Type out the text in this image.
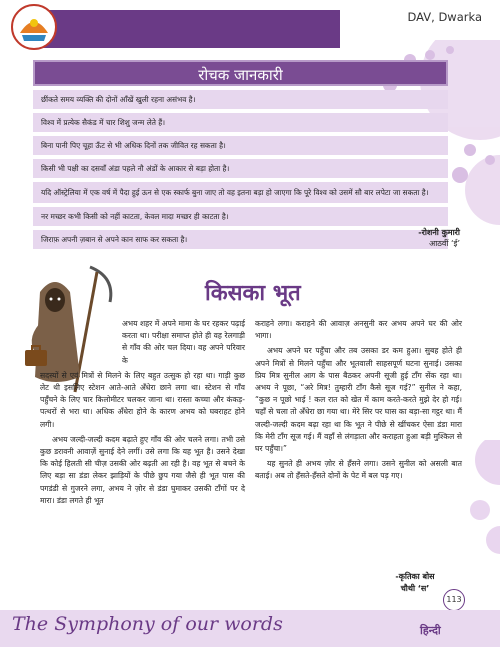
DAV, Dwarka
रोचक जानकारी
छींकते समय व्यक्ति की दोनों आँखें खुली रहना असंभव है।
विश्व में प्रत्येक सैकंड में चार शिशु जन्म लेते हैं।
बिना पानी पिए चूहा ऊँट से भी अधिक दिनों तक जीवित रह सकता है।
किसी भी पक्षी का दसवाँ अंडा पहले नौ अंडों के आकार से बड़ा होता है।
यदि ऑस्ट्रेलिया में एक वर्ष में पैदा हुई ऊन से एक स्कार्फ बुना जाए तो वह इतना बड़ा हो जाएगा कि पूरे विश्व को उसमें सौ बार लपेटा जा सकता है।
नर मच्छर कभी किसी को नहीं काटता, केवल मादा मच्छर ही काटता है।
जिराफ़ अपनी ज़बान से अपने कान साफ कर सकता है।
-रोशनी कुमारी
आठवीं ‘ई’
किसका भूत

अभय शहर में अपने मामा के घर रहकर पढ़ाई करता था। परीक्षा समाप्त होते ही वह रेलगाड़ी से गाँव की ओर चल दिया। वह अपने परिवार के

सदस्यों से एवं मित्रों से मिलने के लिए बहुत उत्सुक हो रहा था। गाड़ी कुछ लेट थी इसलिए स्टेशन आते-आते अँधेरा छाने लगा था। स्टेशन से गाँव पहुँचने के लिए चार किलोमीटर चलकर जाना था। रास्ता कच्चा और कंकड़-पत्थरों से भरा था। अधिक अँधेरा होने के कारण अभय को घबराहट होने लगी।

अभय जल्दी-जल्दी कदम बढ़ाते हुए गाँव की ओर चलने लगा। तभी उसे कुछ डरावनी आवाज़ें सुनाई देने लगीं। उसे लगा कि यह भूत है। उसने देखा कि कोई हिलती सी चीज़ उसकी ओर बढ़ती आ रही है। वह भूत से बचने के लिए बड़ा सा डंडा लेकर झाड़ियों के पीछे छुप गया जैसे ही भूत पास की पगडंडी से गुजरने लगा, अभय ने ज़ोर से डंडा घुमाकर उसकी टाँगों पर दे मारा। डंडा लगते ही भूत

कराहने लगा। कराहने की आवाज़ अनसुनी कर अभय अपने घर की ओर भागा।

अभय अपने घर पहुँचा और तब उसका डर कम हुआ। सुबह होते ही अपने मित्रों से मिलने पहुँचा और भूतवाली साहसपूर्ण घटना सुनाई। उसका प्रिय मित्र सुनील आग के पास बैठकर अपनी सूजी हुई टाँग सेंक रहा था। अभय ने पूछा, “अरे मित्र! तुम्हारी टाँग कैसे सूज गई?” सुनील ने कहा, “कुछ न पूछो भाई ! कल रात को खेत में काम करते-करते मुझे देर हो गई। चहाँ से चला तो अँधेरा छा गया था। मेरे सिर पर घास का बड़ा-सा गट्ठर था। मैं जल्दी-जल्दी कदम बढ़ा रहा था कि भूत ने पीछे से खींचकर ऐसा डंडा मारा कि मेरी टाँग सूज गई। मैं वहाँ से लंगड़ाता और कराहता हुआ बड़ी मुश्किल से घर पहुँचा।”

यह सुनते ही अभय ज़ोर से हँसने लगा। उसने सुनील को असली बात बताई। अब तो हँसते-हँसते दोनों के पेट में बल पड़ गए।

-कृतिका बोस
चौथी ‘स’
113
The Symphony of our words	हिन्दी
